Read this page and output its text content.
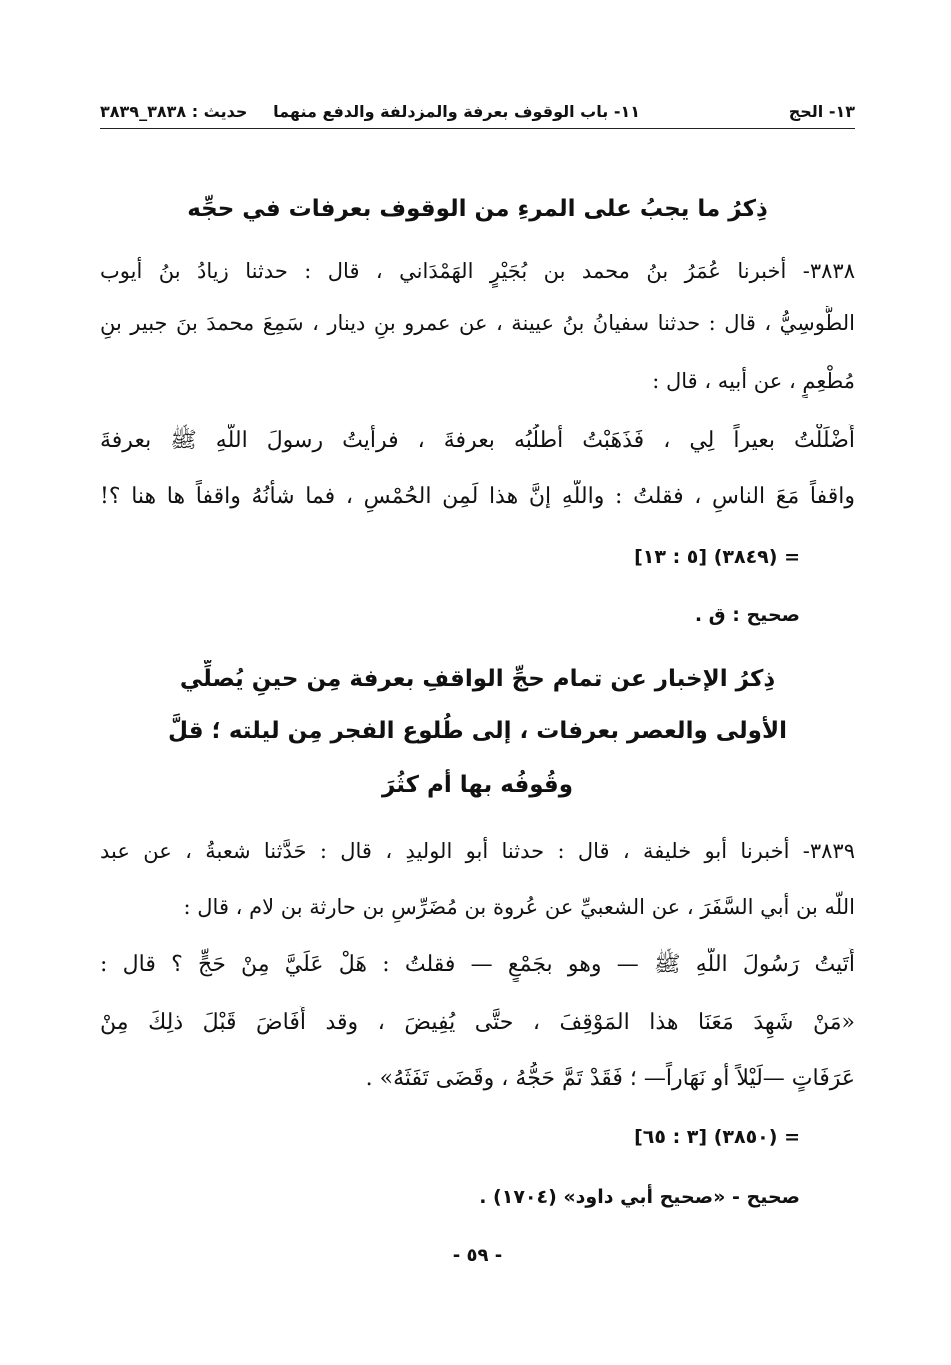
١٣- الحج
١١- باب الوقوف بعرفة والمزدلفة والدفع منهما
حديث : ٣٨٣٨_٣٨٣٩
ذِكرُ ما يجبُ على المرءِ من الوقوف بعرفات في حجِّه
٣٨٣٨- أخبرنا عُمَرُ بنُ محمد بن بُجَيْرٍ الهَمْدَاني ، قال : حدثنا زيادُ بنُ أيوب
الطُّوسِيُّ ، قال : حدثنا سفيانُ بنُ عيينة ، عن عمرو بنِ دينار ، سَمِعَ محمدَ بنَ جبير بنِ
مُطْعِمٍ ، عن أبيه ، قال :
أَضْلَلْتُ بعيراً لِي ، فَذَهَبْتُ أطلُبُه بعرفةَ ، فرأيتُ رسولَ اللّهِ ﷺ بعرفةَ
واقفاً مَعَ الناسِ ، فقلتُ : واللّهِ إنَّ هذا لَمِن الحُمْسِ ، فما شأنُهُ واقفاً ها هنا ؟!
= (٣٨٤٩) [٥ : ١٣]
صحيح : ق .
ذِكرُ الإخبار عن تمام حجِّ الواقفِ بعرفة مِن حينِ يُصلِّي
الأولى والعصر بعرفات ، إلى طُلوع الفجر مِن ليلته ؛ قلَّ
وقُوفُه بها أم كثُرَ
٣٨٣٩- أخبرنا أبو خليفة ، قال : حدثنا أبو الوليدِ ، قال : حَدَّثنا شعبةُ ، عن عبد
اللّه بن أبي السَّفَرَ ، عن الشعبيِّ عن عُروة بن مُضَرِّسِ بن حارثة بن لام ، قال :
أَتَيتُ رَسُولَ اللّهِ ﷺ — وهو بجَمْعٍ — فقلتُ : هَلْ عَلَيَّ مِنْ حَجٍّ ؟ قال :
«مَنْ شَهِدَ مَعَنَا هذا المَوْقِفَ ، حتَّى يُفِيضَ ، وقد أَفَاضَ قَبْلَ ذلِكَ مِنْ
عَرَفَاتٍ —لَيْلاً أو نَهَاراً— ؛ فَقَدْ تَمَّ حَجُّهُ ، وقَضَى تَفَثَهُ» .
= (٣٨٥٠) [٣ : ٦٥]
صحيح - «صحيح أبي داود» (١٧٠٤) .
- ٥٩ -
